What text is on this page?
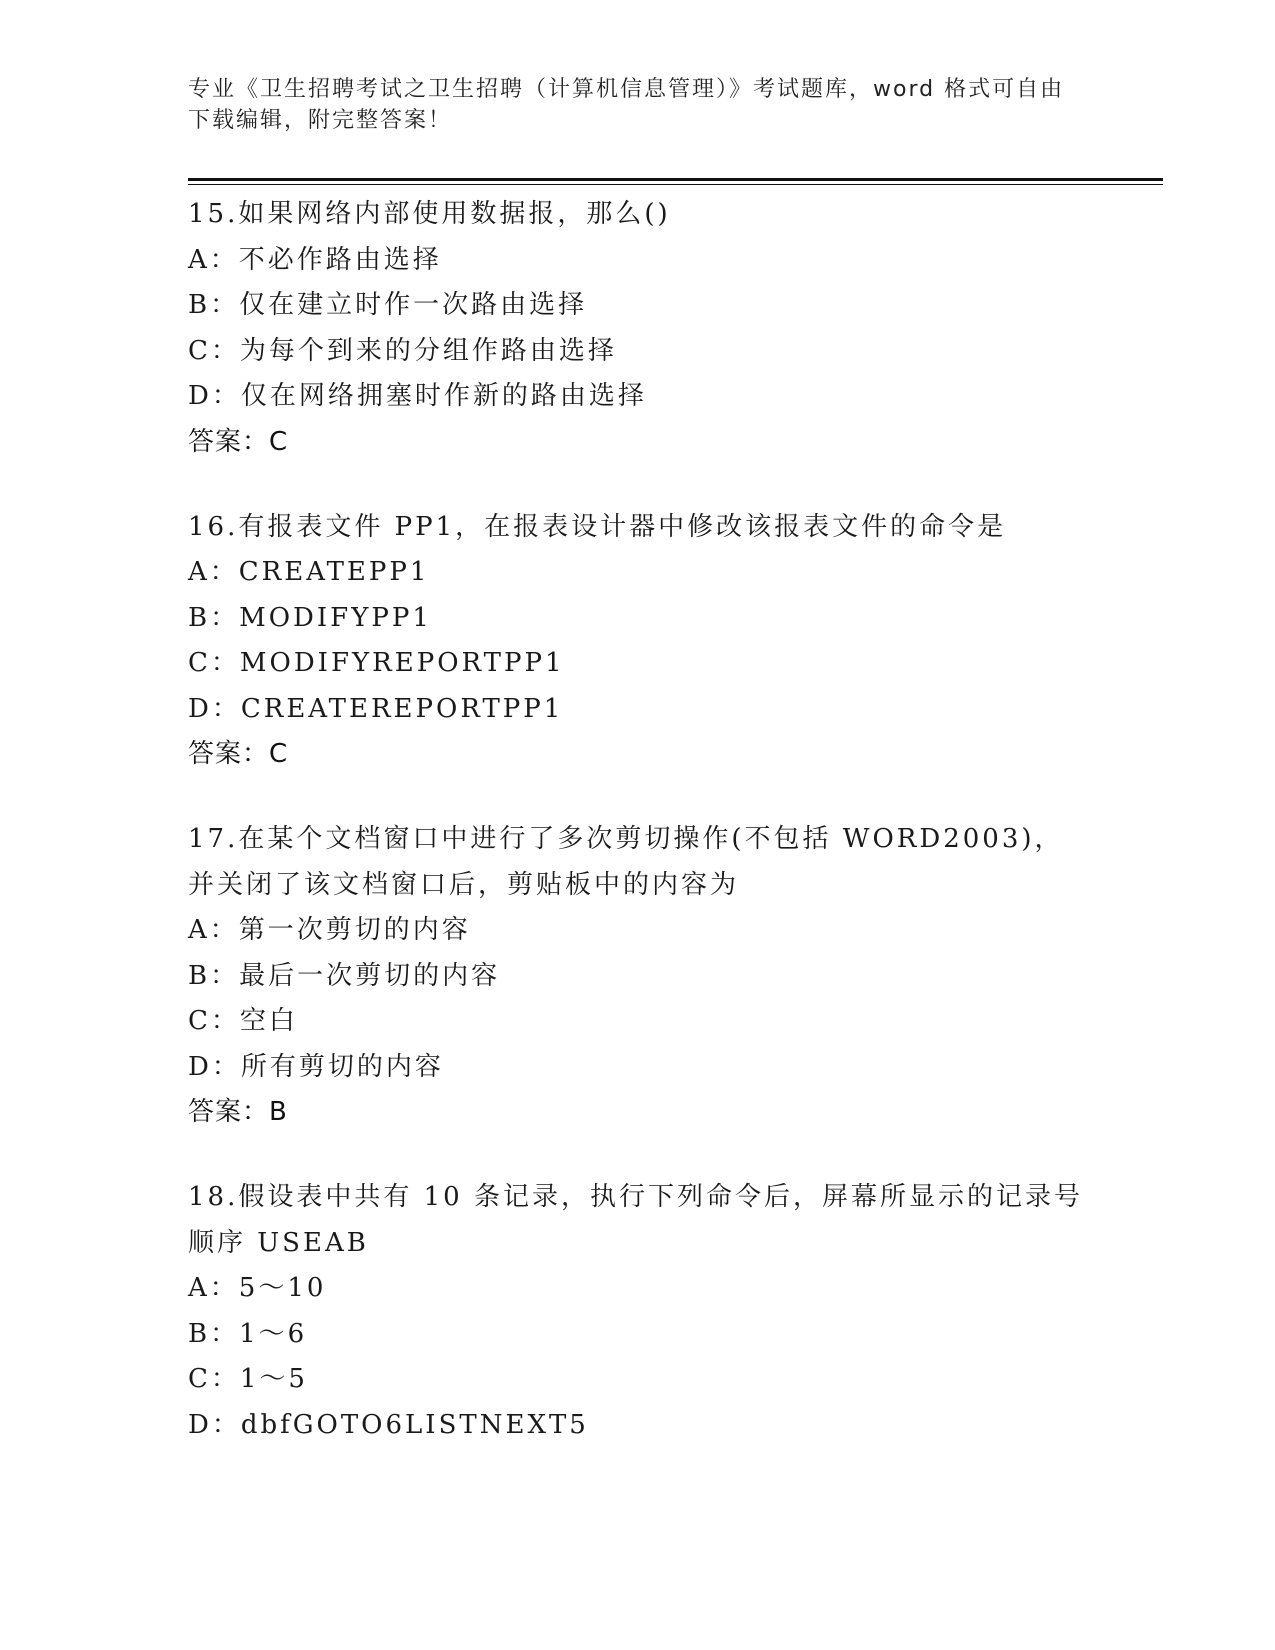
专业《卫生招聘考试之卫生招聘（计算机信息管理）》考试题库，word 格式可自由下载编辑，附完整答案！
15.如果网络内部使用数据报，那么()
A：不必作路由选择
B：仅在建立时作一次路由选择
C：为每个到来的分组作路由选择
D：仅在网络拥塞时作新的路由选择
答案：C
16.有报表文件 PP1，在报表设计器中修改该报表文件的命令是
A：CREATEPP1
B：MODIFYPP1
C：MODIFYREPORTPP1
D：CREATEREPORTPP1
答案：C
17.在某个文档窗口中进行了多次剪切操作(不包括 WORD2003)，并关闭了该文档窗口后，剪贴板中的内容为
A：第一次剪切的内容
B：最后一次剪切的内容
C：空白
D：所有剪切的内容
答案：B
18.假设表中共有 10 条记录，执行下列命令后，屏幕所显示的记录号顺序 USEAB
A：5～10
B：1～6
C：1～5
D：dbfGOTO6LISTNEXT5
